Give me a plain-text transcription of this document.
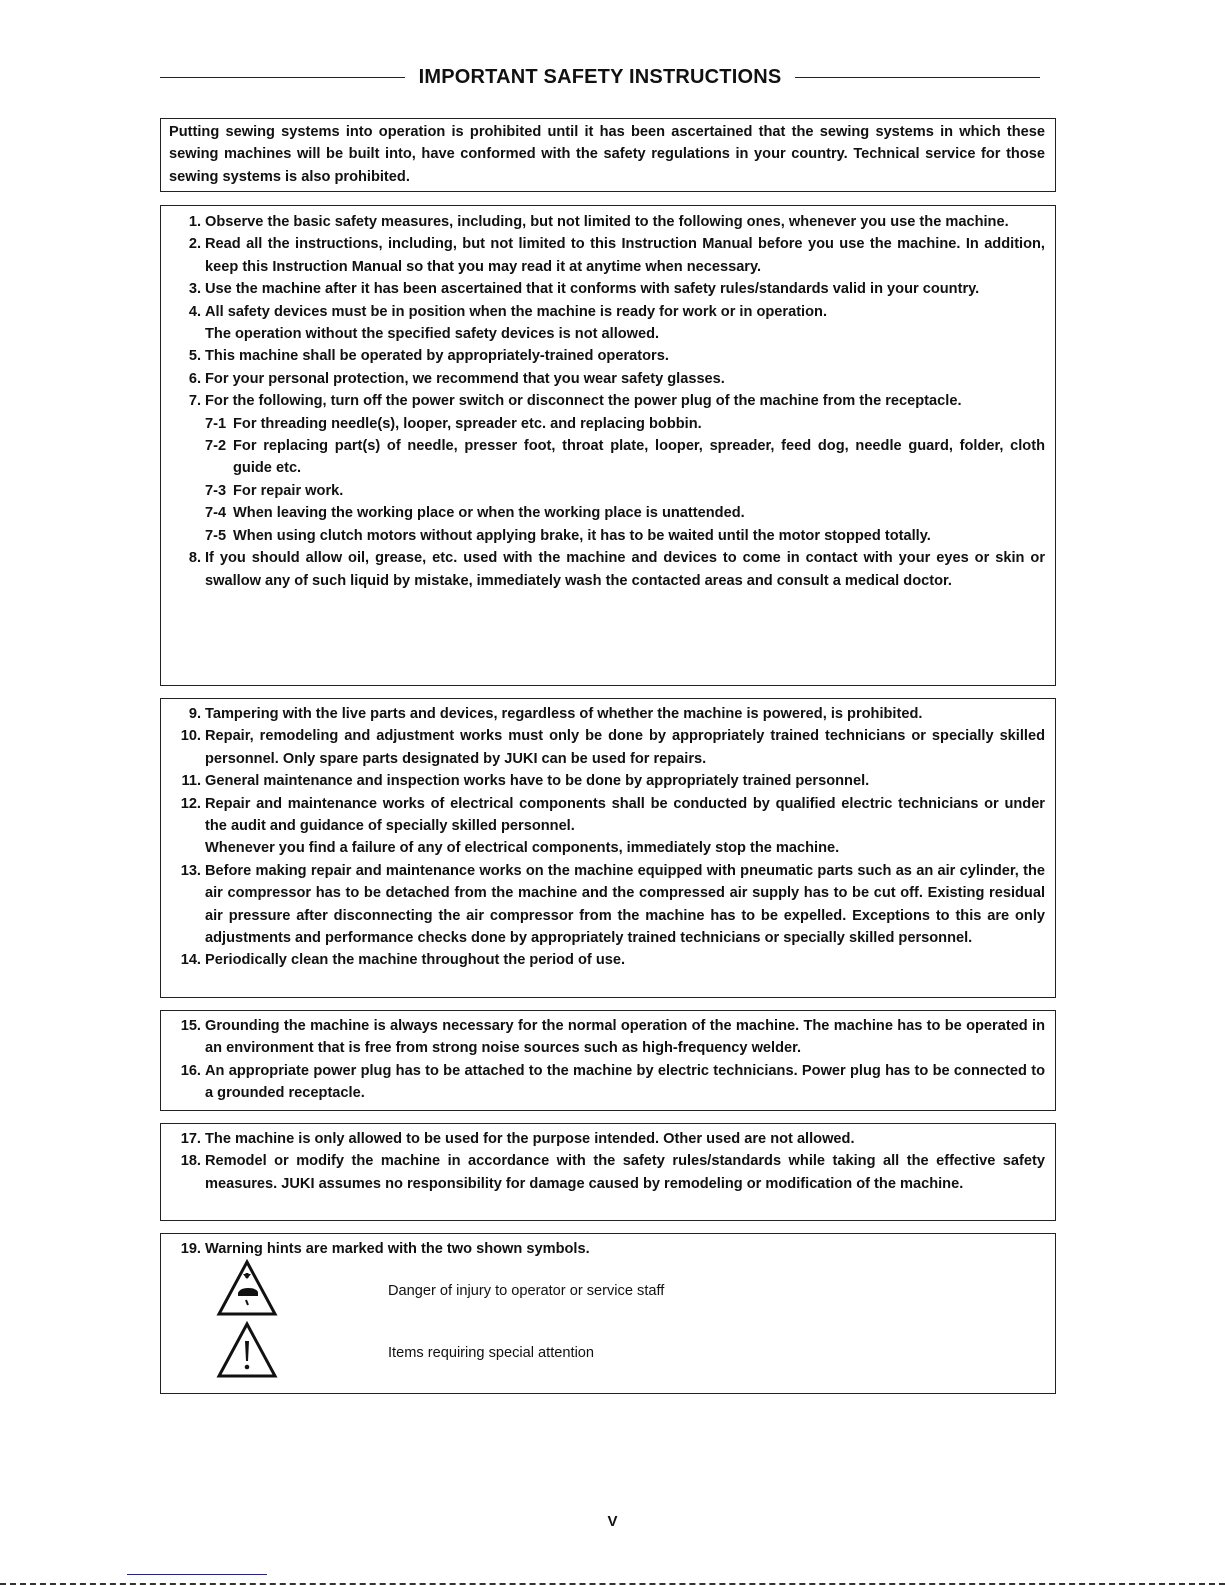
IMPORTANT SAFETY INSTRUCTIONS
Putting sewing systems into operation is prohibited until it has been ascertained that the sewing systems in which these sewing machines will be built into, have conformed with the safety regulations in your country. Technical service for those sewing systems is also prohibited.
1. Observe the basic safety measures, including, but not limited to the following ones, whenever you use the machine.
2. Read all the instructions, including, but not limited to this Instruction Manual before you use the machine. In addition, keep this Instruction Manual so that you may read it at anytime when necessary.
3. Use the machine after it has been ascertained that it conforms with safety rules/standards valid in your country.
4. All safety devices must be in position when the machine is ready for work or in operation.
The operation without the specified safety devices is not allowed.
5. This machine shall be operated by appropriately-trained operators.
6. For your personal protection, we recommend that you wear safety glasses.
7. For the following, turn off the power switch or disconnect the power plug of the machine from the receptacle.
7-1 For threading needle(s), looper, spreader etc. and replacing bobbin.
7-2 For replacing part(s) of needle, presser foot, throat plate, looper, spreader, feed dog, needle guard, folder, cloth guide etc.
7-3 For repair work.
7-4 When leaving the working place or when the working place is unattended.
7-5 When using clutch motors without applying brake, it has to be waited until the motor stopped totally.
8. If you should allow oil, grease, etc. used with the machine and devices to come in contact with your eyes or skin or swallow any of such liquid by mistake, immediately wash the contacted areas and consult a medical doctor.
9. Tampering with the live parts and devices, regardless of whether the machine is powered, is prohibited.
10. Repair, remodeling and adjustment works must only be done by appropriately trained technicians or specially skilled personnel. Only spare parts designated by JUKI can be used for repairs.
11. General maintenance and inspection works have to be done by appropriately trained personnel.
12. Repair and maintenance works of electrical components shall be conducted by qualified electric technicians or under the audit and guidance of specially skilled personnel.
Whenever you find a failure of any of electrical components, immediately stop the machine.
13. Before making repair and maintenance works on the machine equipped with pneumatic parts such as an air cylinder, the air compressor has to be detached from the machine and the compressed air supply has to be cut off. Existing residual air pressure after disconnecting the air compressor from the machine has to be expelled. Exceptions to this are only adjustments and performance checks done by appropriately trained technicians or specially skilled personnel.
14. Periodically clean the machine throughout the period of use.
15. Grounding the machine is always necessary for the normal operation of the machine. The machine has to be operated in an environment that is free from strong noise sources such as high-frequency welder.
16. An appropriate power plug has to be attached to the machine by electric technicians. Power plug has to be connected to a grounded receptacle.
17. The machine is only allowed to be used for the purpose intended. Other used are not allowed.
18. Remodel or modify the machine in accordance with the safety rules/standards while taking all the effective safety measures. JUKI assumes no responsibility for damage caused by remodeling or modification of the machine.
19. Warning hints are marked with the two shown symbols.
Danger of injury to operator or service staff
Items requiring special attention
V
